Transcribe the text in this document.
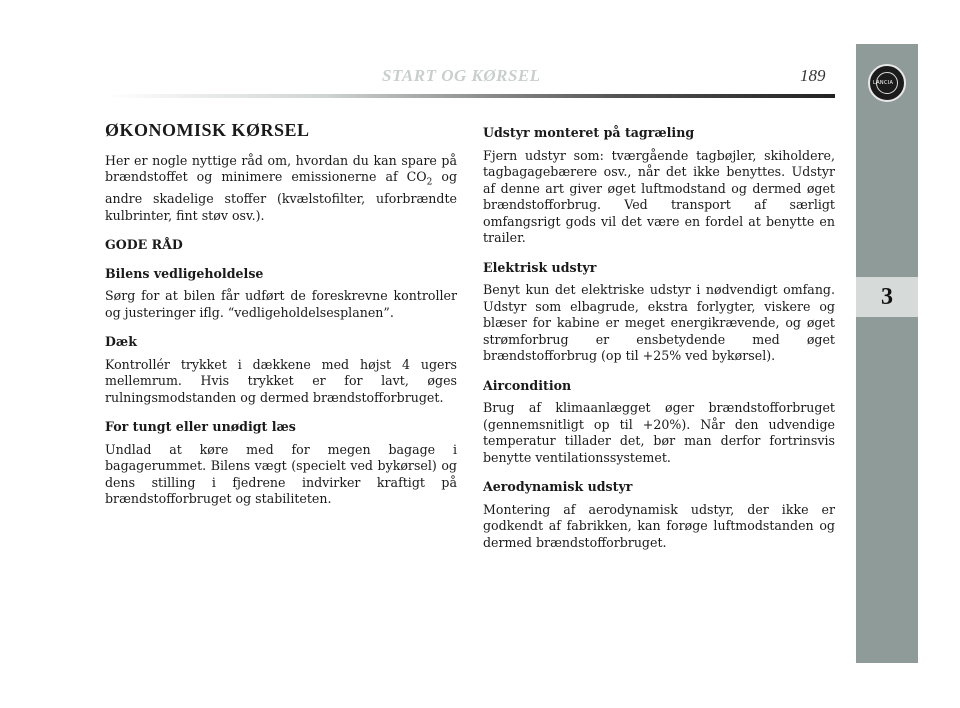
START OG KØRSEL	189	LANCIA
3
ØKONOMISK KØRSEL

Her er nogle nyttige råd om, hvordan du kan spare på brændstoffet og minimere emissionerne af $CO_2$ og andre skadelige stoffer (kvælstofilter, uforbrændte kulbrinter, fint støv osv.).

GODE RÅD
Bilens vedligeholdelse

Sørg for at bilen får udført de foreskrevne kontroller og justeringer iflg. “vedligeholdelsesplanen”.

Dæk

Kontrollér trykket i dækkene med højst 4 ugers mellemrum. Hvis trykket er for lavt, øges rulningsmodstanden og dermed brændstofforbruget.

For tungt eller unødigt læs

Undlad at køre med for megen bagage i bagagerummet. Bilens vægt (specielt ved bykørsel) og dens stilling i fjedrene indvirker kraftigt på brændstofforbruget og stabiliteten.

Udstyr monteret på tagræling

Fjern udstyr som: tværgående tagbøjler, skiholdere, tagbagagebærere osv., når det ikke benyttes. Udstyr af denne art giver øget luftmodstand og dermed øget brændstofforbrug. Ved transport af særligt omfangsrigt gods vil det være en fordel at benytte en trailer.

Elektrisk udstyr

Benyt kun det elektriske udstyr i nødvendigt omfang. Udstyr som elbagrude, ekstra forlygter, viskere og blæser for kabine er meget energikrævende, og øget strømforbrug er ensbetydende med øget brændstofforbrug (op til +25% ved bykørsel).

Aircondition

Brug af klimaanlægget øger brændstofforbruget (gennemsnitligt op til +20%). Når den udvendige temperatur tillader det, bør man derfor fortrinsvis benytte ventilationssystemet.

Aerodynamisk udstyr

Montering af aerodynamisk udstyr, der ikke er godkendt af fabrikken, kan forøge luftmodstanden og dermed brændstofforbruget.
